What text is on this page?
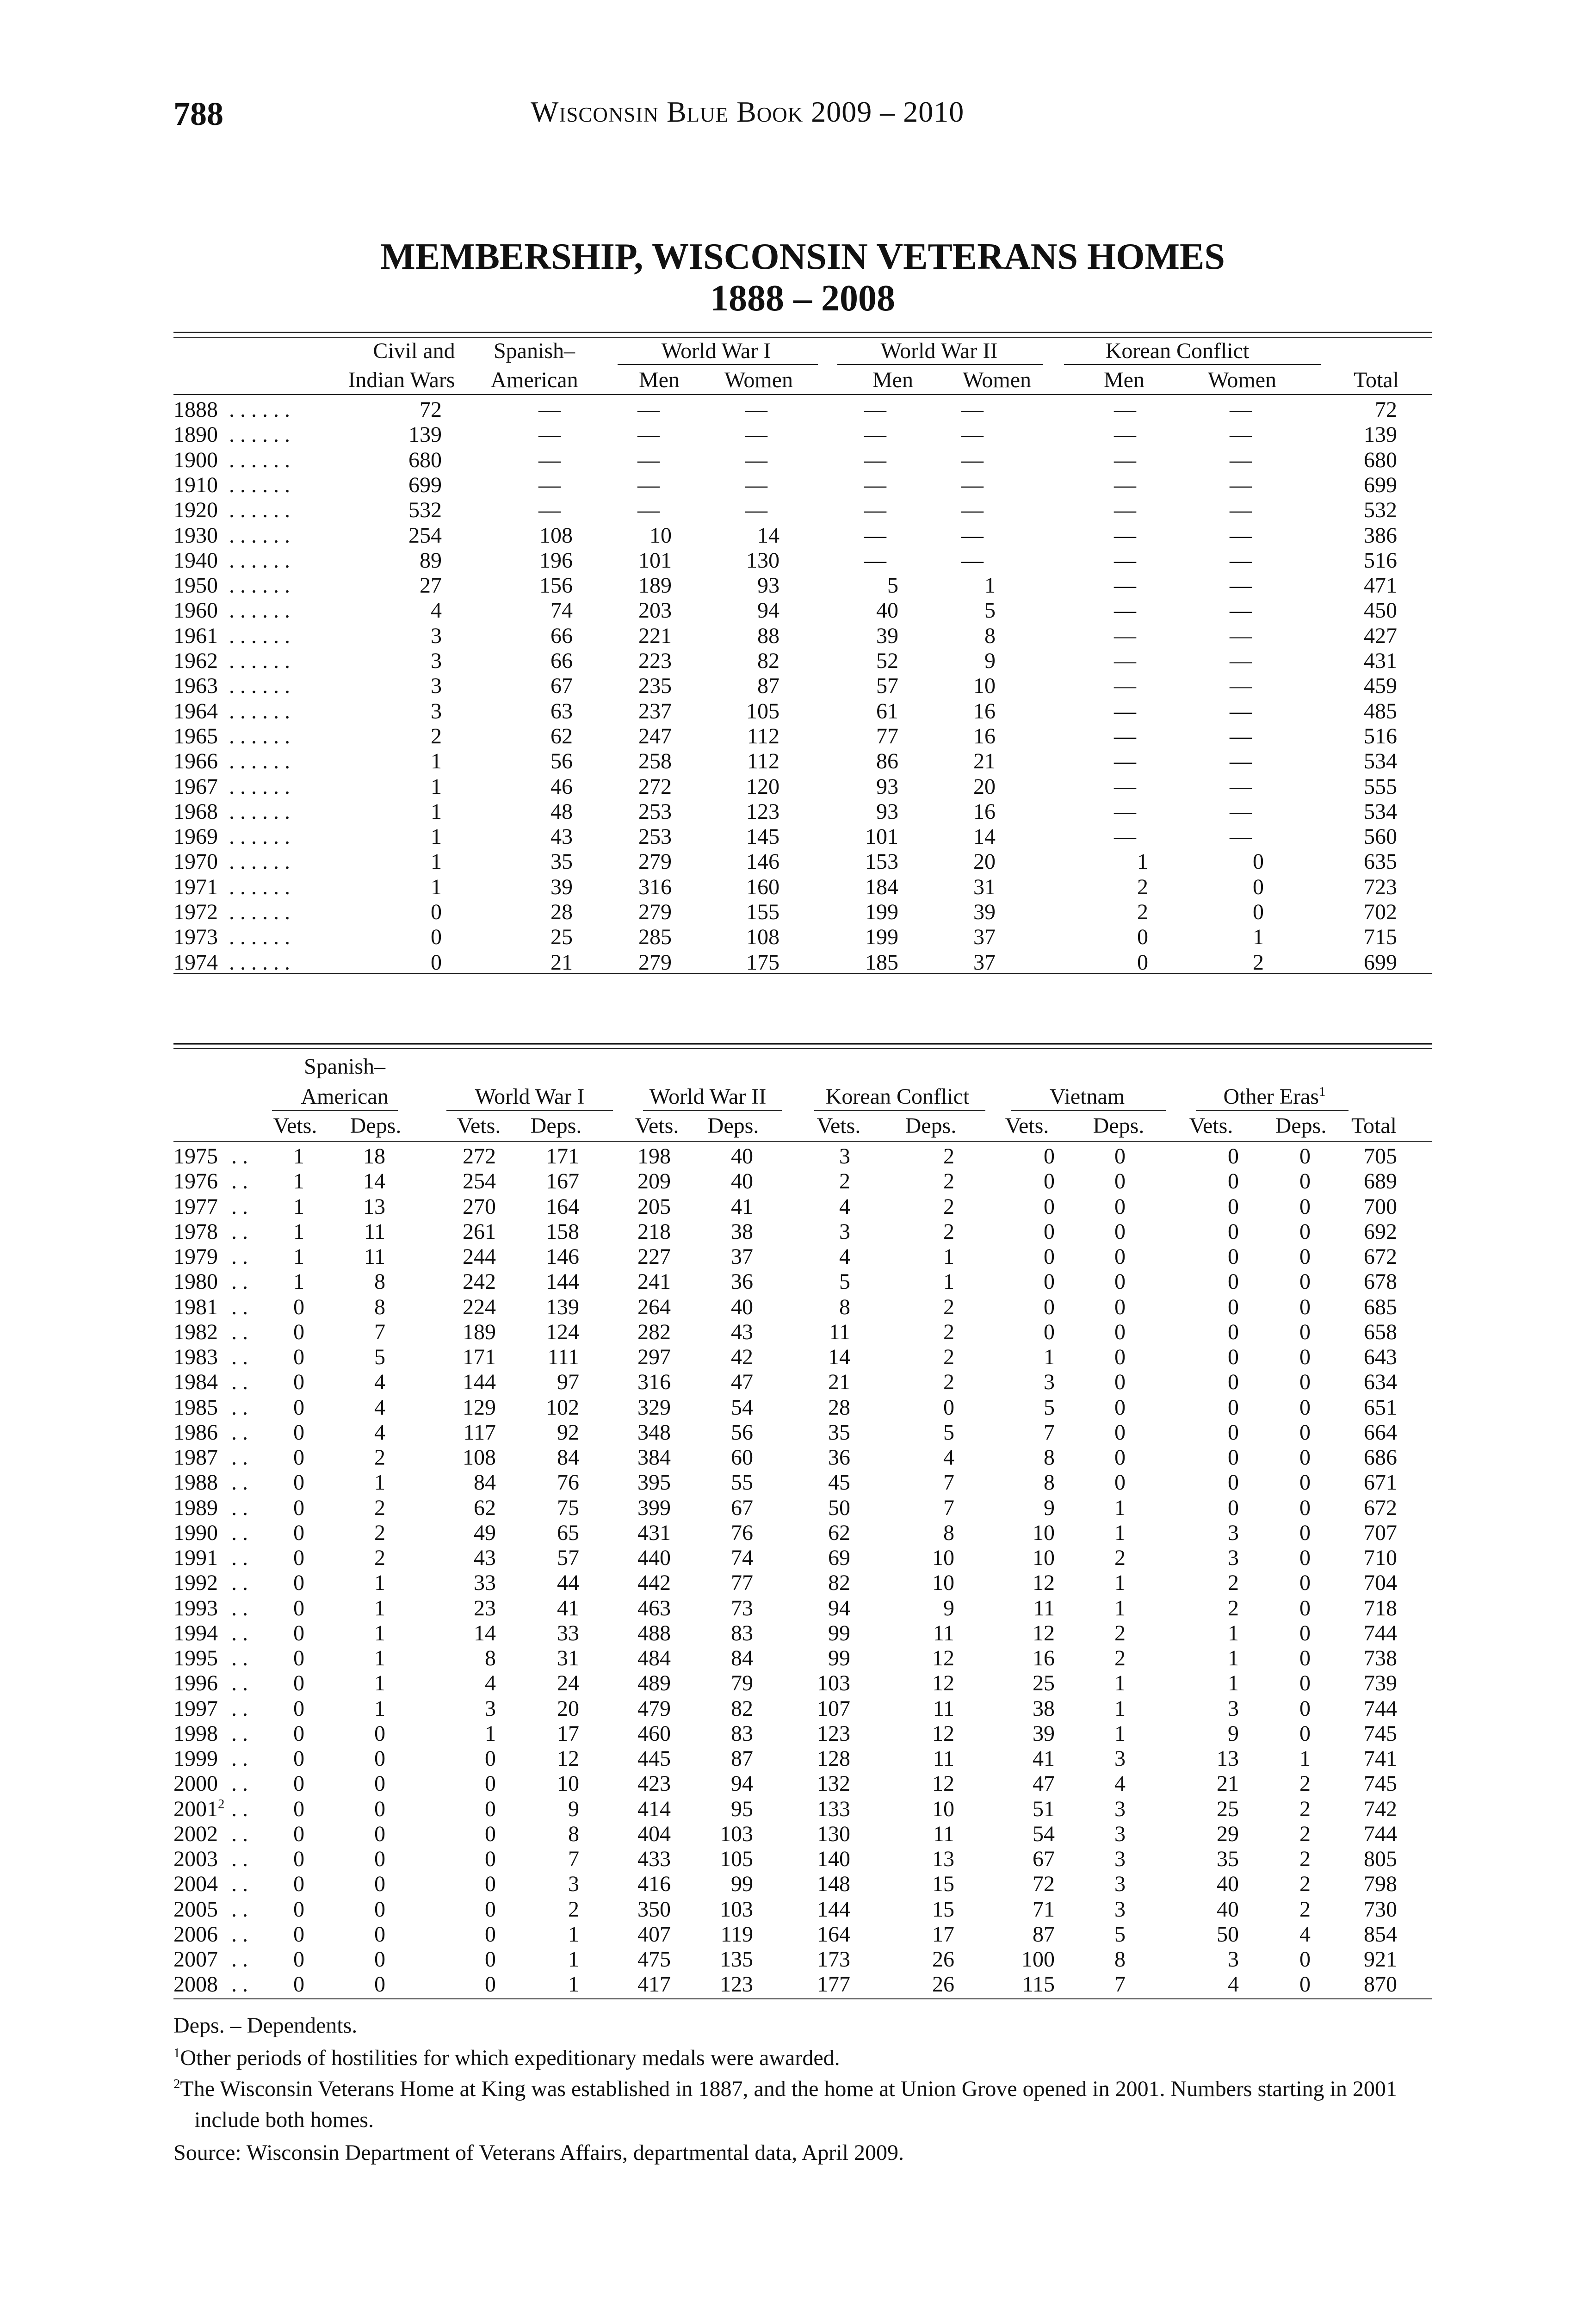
788	Wisconsin Blue Book 2009 – 2010
MEMBERSHIP, WISCONSIN VETERANS HOMES
1888 – 2008
World War I	World War II	Korean Conflict
Civil and	Spanish–
Indian Wars	American	Men	Women	Men	Women	Men	Women	Total
1888 . . . . . .	72	—	—	—	—	—	—	—	72
1890 . . . . . .	139	—	—	—	—	—	—	—	139
1900 . . . . . .	680	—	—	—	—	—	—	—	680
1910 . . . . . .	699	—	—	—	—	—	—	—	699
1920 . . . . . .	532	—	—	—	—	—	—	—	532
1930 . . . . . .	254	108	10	14	—	—	—	—	386
1940 . . . . . .	89	196	101	130	—	—	—	—	516
1950 . . . . . .	27	156	189	93	5	1	—	—	471
1960 . . . . . .	4	74	203	94	40	5	—	—	450
1961 . . . . . .	3	66	221	88	39	8	—	—	427
1962 . . . . . .	3	66	223	82	52	9	—	—	431
1963 . . . . . .	3	67	235	87	57	10	—	—	459
1964 . . . . . .	3	63	237	105	61	16	—	—	485
1965 . . . . . .	2	62	247	112	77	16	—	—	516
1966 . . . . . .	1	56	258	112	86	21	—	—	534
1967 . . . . . .	1	46	272	120	93	20	—	—	555
1968 . . . . . .	1	48	253	123	93	16	—	—	534
1969 . . . . . .	1	43	253	145	101	14	—	—	560
1970 . . . . . .	1	35	279	146	153	20	1	0	635
1971 . . . . . .	1	39	316	160	184	31	2	0	723
1972 . . . . . .	0	28	279	155	199	39	2	0	702
1973 . . . . . .	0	25	285	108	199	37	0	1	715
1974 . . . . . .	0	21	279	175	185	37	0	2	699
Spanish–
American	World War I	World War II	Korean Conflict	Vietnam	Other Eras$^1$
Vets.	Deps.	Vets.	Deps.	Vets.	Deps.	Vets.	Deps.	Vets.	Deps.	Vets.	Deps.	Total
1975 . .	1	18	272	171	198	40	3	2	0	0	0	0	705
1976 . .	1	14	254	167	209	40	2	2	0	0	0	0	689
1977 . .	1	13	270	164	205	41	4	2	0	0	0	0	700
1978 . .	1	11	261	158	218	38	3	2	0	0	0	0	692
1979 . .	1	11	244	146	227	37	4	1	0	0	0	0	672
1980 . .	1	8	242	144	241	36	5	1	0	0	0	0	678
1981 . .	0	8	224	139	264	40	8	2	0	0	0	0	685
1982 . .	0	7	189	124	282	43	11	2	0	0	0	0	658
1983 . .	0	5	171	111	297	42	14	2	1	0	0	0	643
1984 . .	0	4	144	97	316	47	21	2	3	0	0	0	634
1985 . .	0	4	129	102	329	54	28	0	5	0	0	0	651
1986 . .	0	4	117	92	348	56	35	5	7	0	0	0	664
1987 . .	0	2	108	84	384	60	36	4	8	0	0	0	686
1988 . .	0	1	84	76	395	55	45	7	8	0	0	0	671
1989 . .	0	2	62	75	399	67	50	7	9	1	0	0	672
1990 . .	0	2	49	65	431	76	62	8	10	1	3	0	707
1991 . .	0	2	43	57	440	74	69	10	10	2	3	0	710
1992 . .	0	1	33	44	442	77	82	10	12	1	2	0	704
1993 . .	0	1	23	41	463	73	94	9	11	1	2	0	718
1994 . .	0	1	14	33	488	83	99	11	12	2	1	0	744
1995 . .	0	1	8	31	484	84	99	12	16	2	1	0	738
1996 . .	0	1	4	24	489	79	103	12	25	1	1	0	739
1997 . .	0	1	3	20	479	82	107	11	38	1	3	0	744
1998 . .	0	0	1	17	460	83	123	12	39	1	9	0	745
1999 . .	0	0	0	12	445	87	128	11	41	3	13	1	741
2000 . .	0	0	0	10	423	94	132	12	47	4	21	2	745
2001$^2$ . .	0	0	0	9	414	95	133	10	51	3	25	2	742
2002 . .	0	0	0	8	404	103	130	11	54	3	29	2	744
2003 . .	0	0	0	7	433	105	140	13	67	3	35	2	805
2004 . .	0	0	0	3	416	99	148	15	72	3	40	2	798
2005 . .	0	0	0	2	350	103	144	15	71	3	40	2	730
2006 . .	0	0	0	1	407	119	164	17	87	5	50	4	854
2007 . .	0	0	0	1	475	135	173	26	100	8	3	0	921
2008 . .	0	0	0	1	417	123	177	26	115	7	4	0	870
Deps. – Dependents.
$^1$Other periods of hostilities for which expeditionary medals were awarded.
$^2$The Wisconsin Veterans Home at King was established in 1887, and the home at Union Grove opened in 2001. Numbers starting in 2001 include both homes.
Source: Wisconsin Department of Veterans Affairs, departmental data, April 2009.
